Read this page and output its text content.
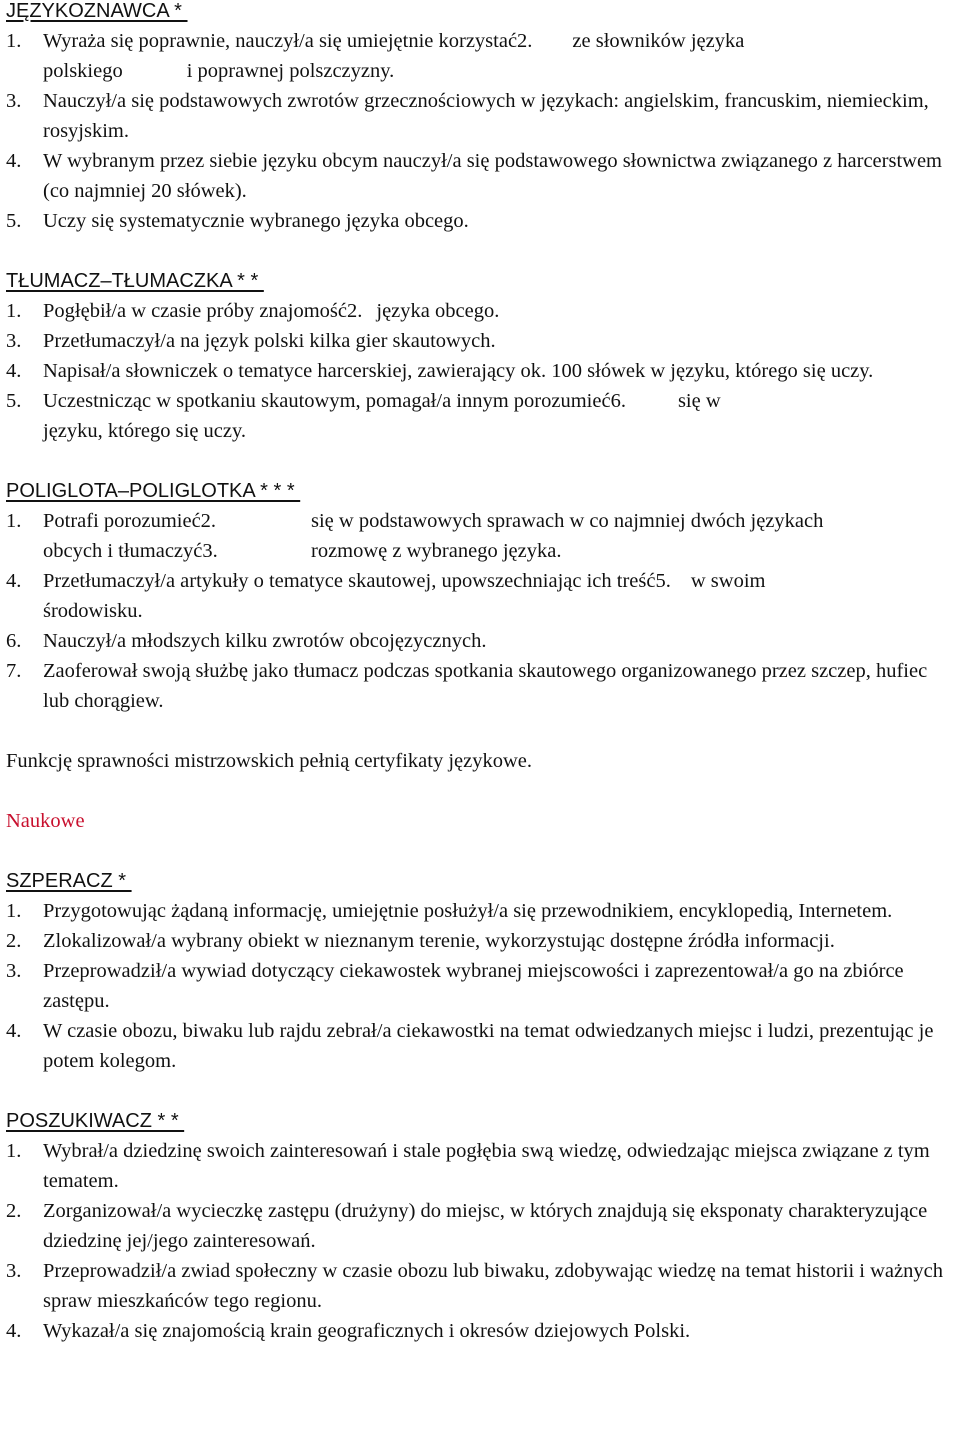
JĘZYKOZNAWCA *
1. Wyraża się poprawnie, nauczył/a się umiejętnie korzystać2. ze słowników języka
polskiego	i poprawnej polszczyzny.
3. Nauczył/a się podstawowych zwrotów grzecznościowych w językach: angielskim, francuskim, niemieckim, rosyjskim.
4. W wybranym przez siebie języku obcym nauczył/a się podstawowego słownictwa związanego z harcerstwem (co najmniej 20 słówek).
5. Uczy się systematycznie wybranego języka obcego.
TŁUMACZ–TŁUMACZKA * *
1. Pogłębił/a w czasie próby znajomość2. języka obcego.
3. Przetłumaczył/a na język polski kilka gier skautowych.
4. Napisał/a słowniczek o tematyce harcerskiej, zawierający ok. 100 słówek w języku, którego się uczy.
5. Uczestnicząc w spotkaniu skautowym, pomagał/a innym porozumieć6.	się w
języku, którego się uczy.
POLIGLOTA–POLIGLOTKA * * *
1. Potrafi porozumieć2.	się w podstawowych sprawach w co najmniej dwóch językach
obcych i tłumaczyć3.	rozmowę z wybranego języka.
4. Przetłumaczył/a artykuły o tematyce skautowej, upowszechniając ich treść5. w swoim
środowisku.
6. Nauczył/a młodszych kilku zwrotów obcojęzycznych.
7. Zaoferował swoją służbę jako tłumacz podczas spotkania skautowego organizowanego przez szczep, hufiec lub chorągiew.
Funkcję sprawności mistrzowskich pełnią certyfikaty językowe.
Naukowe
SZPERACZ *
1. Przygotowując żądaną informację, umiejętnie posłużył/a się przewodnikiem, encyklopedią, Internetem.
2. Zlokalizował/a wybrany obiekt w nieznanym terenie, wykorzystując dostępne źródła informacji.
3. Przeprowadził/a wywiad dotyczący ciekawostek wybranej miejscowości i zaprezentował/a go na zbiórce zastępu.
4. W czasie obozu, biwaku lub rajdu zebrał/a ciekawostki na temat odwiedzanych miejsc i ludzi, prezentując je potem kolegom.
POSZUKIWACZ * *
1. Wybrał/a dziedzinę swoich zainteresowań i stale pogłębia swą wiedzę, odwiedzając miejsca związane z tym tematem.
2. Zorganizował/a wycieczkę zastępu (drużyny) do miejsc, w których znajdują się eksponaty charakteryzujące dziedzinę jej/jego zainteresowań.
3. Przeprowadził/a zwiad społeczny w czasie obozu lub biwaku, zdobywając wiedzę na temat historii i ważnych spraw mieszkańców tego regionu.
4. Wykazał/a się znajomością krain geograficznych i okresów dziejowych Polski.
